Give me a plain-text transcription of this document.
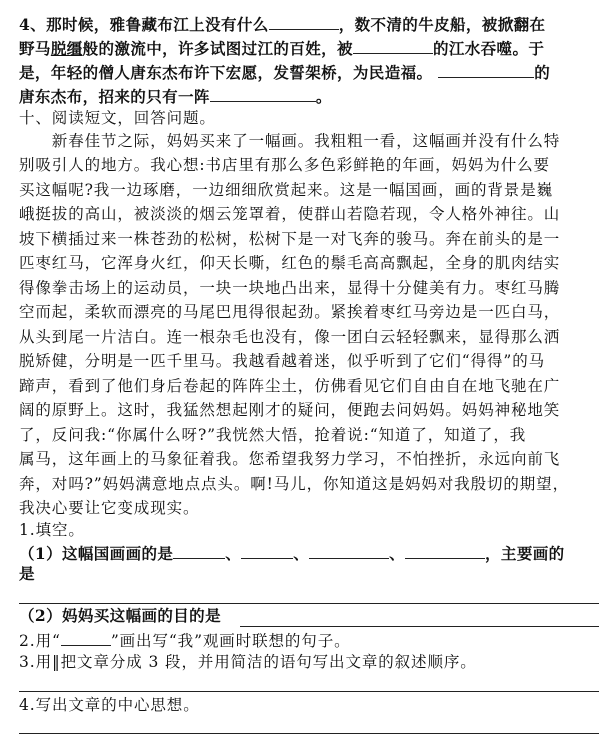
4、那时候，雅鲁藏布江上没有什么	，数不清的牛皮船，被掀翻在
野马脱缰般的激流中，许多试图过江的百姓，被	的江水吞噬。于
是，年轻的僧人唐东杰布许下宏愿，发誓架桥，为民造福。	的
唐东杰布，招来的只有一阵	。
十、阅读短文，回答问题。
　　新春佳节之际，妈妈买来了一幅画。我粗粗一看，这幅画并没有什么特
别吸引人的地方。我心想:书店里有那么多色彩鲜艳的年画，妈妈为什么要
买这幅呢?我一边琢磨，一边细细欣赏起来。这是一幅国画，画的背景是巍
峨挺拔的高山，被淡淡的烟云笼罩着，使群山若隐若现，令人格外神往。山
坡下横插过来一株苍劲的松树，松树下是一对飞奔的骏马。奔在前头的是一
匹枣红马，它浑身火红，仰天长嘶，红色的鬃毛高高飘起，全身的肌肉结实
得像拳击场上的运动员，一块一块地凸出来，显得十分健美有力。枣红马腾
空而起，柔软而漂亮的马尾巴甩得很起劲。紧挨着枣红马旁边是一匹白马，
从头到尾一片洁白。连一根杂毛也没有，像一团白云轻轻飘来，显得那么洒
脱矫健，分明是一匹千里马。我越看越着迷，似乎听到了它们“得得”的马
蹄声，看到了他们身后卷起的阵阵尘土，仿佛看见它们自由自在地飞驰在广
阔的原野上。这时，我猛然想起刚才的疑问，便跑去问妈妈。妈妈神秘地笑
了，反问我:“你属什么呀?”我恍然大悟，抢着说:“知道了，知道了，我
属马，这年画上的马象征着我。您希望我努力学习，不怕挫折，永远向前飞
奔，对吗?”妈妈满意地点点头。啊!马儿，你知道这是妈妈对我殷切的期望，
我决心要让它变成现实。
1.填空。
（1）这幅国画画的是	、	、	、	，主要画的
是
（2）妈妈买这幅画的目的是
2.用“	”画出写“我”观画时联想的句子。
3.用‖把文章分成 3 段，并用简洁的语句写出文章的叙述顺序。
4.写出文章的中心思想。
